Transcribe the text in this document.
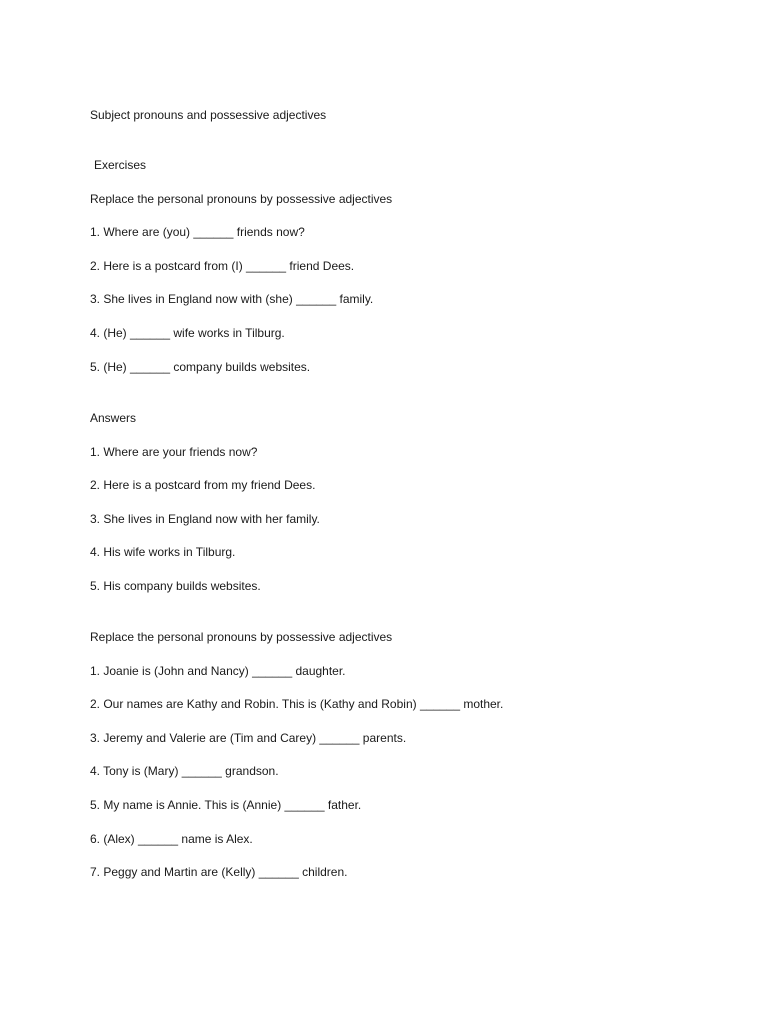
Subject pronouns and possessive adjectives
Exercises
Replace the personal pronouns by possessive adjectives
1. Where are (you) ______ friends now?
2. Here is a postcard from (I) ______ friend Dees.
3. She lives in England now with (she) ______ family.
4. (He) ______ wife works in Tilburg.
5. (He) ______ company builds websites.
Answers
1. Where are your friends now?
2. Here is a postcard from my friend Dees.
3. She lives in England now with her family.
4. His wife works in Tilburg.
5. His company builds websites.
Replace the personal pronouns by possessive adjectives
1. Joanie is (John and Nancy) ______ daughter.
2. Our names are Kathy and Robin. This is (Kathy and Robin) ______ mother.
3. Jeremy and Valerie are (Tim and Carey) ______ parents.
4. Tony is (Mary) ______ grandson.
5. My name is Annie. This is (Annie) ______ father.
6. (Alex) ______ name is Alex.
7. Peggy and Martin are (Kelly) ______ children.
